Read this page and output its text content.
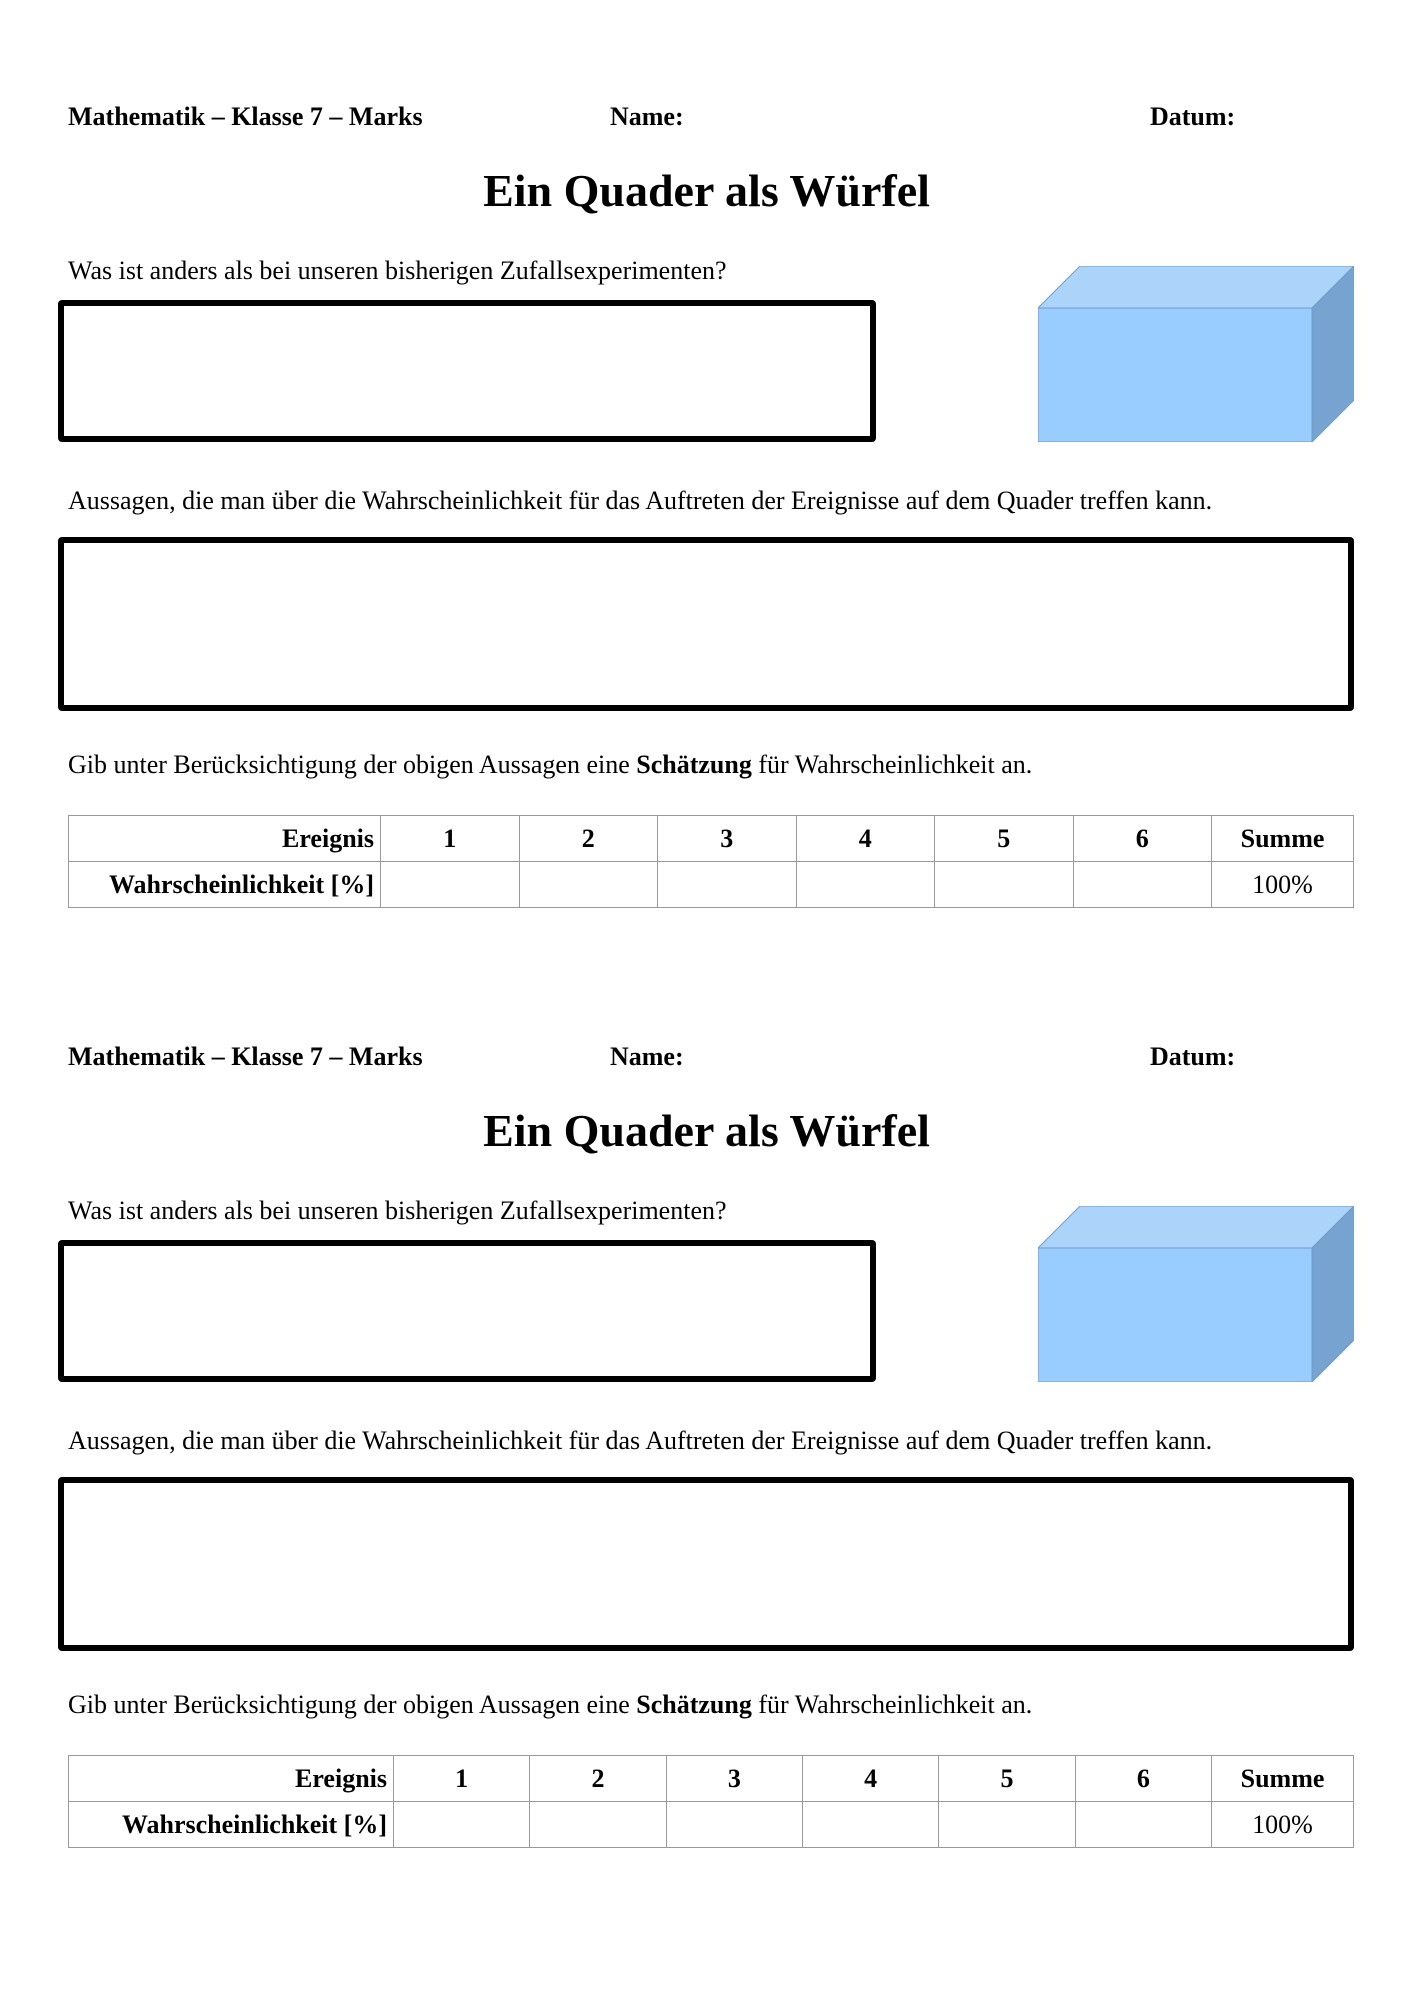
Mathematik – Klasse 7 – Marks	Name:	Datum:
Ein Quader als Würfel
Was ist anders als bei unseren bisherigen Zufallsexperimenten?
Aussagen, die man über die Wahrscheinlichkeit für das Auftreten der Ereignisse auf dem Quader treffen kann.
Gib unter Berücksichtigung der obigen Aussagen eine Schätzung für Wahrscheinlichkeit an.
Ereignis	1	2	3	4	5	6	Summe
Wahrscheinlichkeit [%]							100%
Mathematik – Klasse 7 – Marks	Name:	Datum:
Ein Quader als Würfel
Was ist anders als bei unseren bisherigen Zufallsexperimenten?
Aussagen, die man über die Wahrscheinlichkeit für das Auftreten der Ereignisse auf dem Quader treffen kann.
Gib unter Berücksichtigung der obigen Aussagen eine Schätzung für Wahrscheinlichkeit an.
Ereignis	1	2	3	4	5	6	Summe
Wahrscheinlichkeit [%]							100%
